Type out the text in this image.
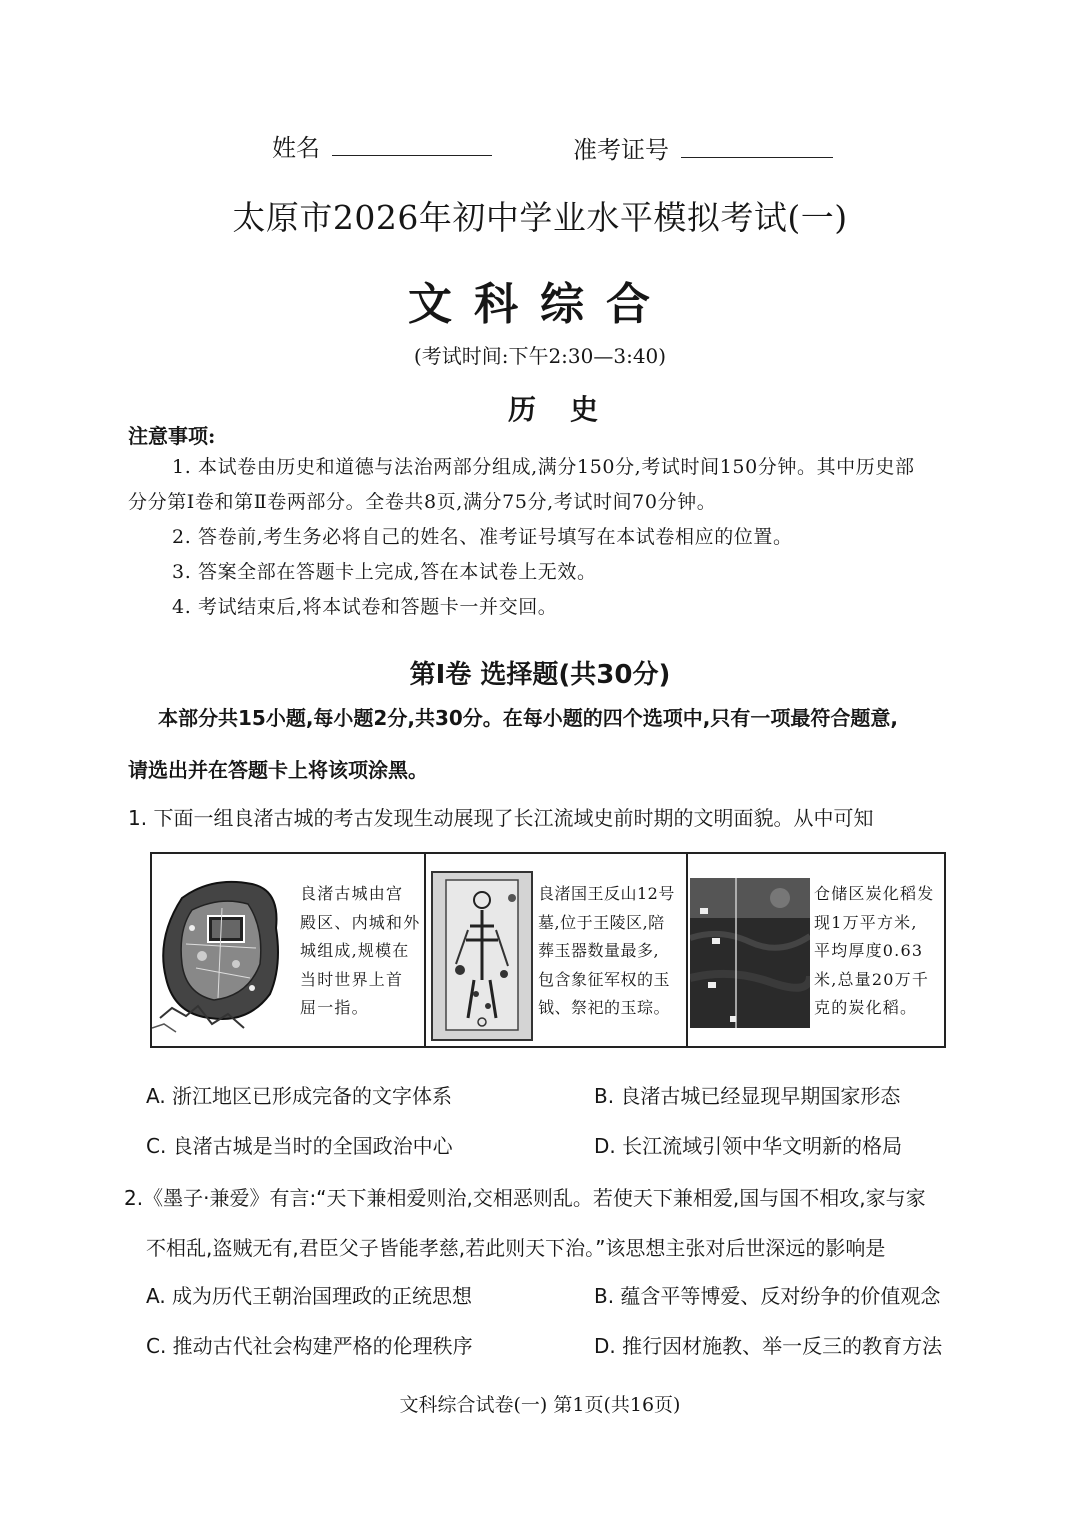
姓名	准考证号
太原市2026年初中学业水平模拟考试(一)
文科综合
(考试时间:下午2:30—3:40)
历史
注意事项:
1. 本试卷由历史和道德与法治两部分组成,满分150分,考试时间150分钟。其中历史部
分分第Ⅰ卷和第Ⅱ卷两部分。全卷共8页,满分75分,考试时间70分钟。
2. 答卷前,考生务必将自己的姓名、准考证号填写在本试卷相应的位置。
3. 答案全部在答题卡上完成,答在本试卷上无效。
4. 考试结束后,将本试卷和答题卡一并交回。
第Ⅰ卷 选择题(共30分)
本部分共15小题,每小题2分,共30分。在每小题的四个选项中,只有一项最符合题意,
请选出并在答题卡上将该项涂黑。
1. 下面一组良渚古城的考古发现生动展现了长江流域史前时期的文明面貌。从中可知
良渚古城由宫
殿区、内城和外
城组成,规模在
当时世界上首
屈一指。
良渚国王反山12号
墓,位于王陵区,陪
葬玉器数量最多,
包含象征军权的玉
钺、祭祀的玉琮。
仓储区炭化稻发
现1万平方米,
平均厚度0.63
米,总量20万千
克的炭化稻。
A. 浙江地区已形成完备的文字体系	B. 良渚古城已经显现早期国家形态
C. 良渚古城是当时的全国政治中心	D. 长江流域引领中华文明新的格局
2.《墨子·兼爱》有言:“天下兼相爱则治,交相恶则乱。若使天下兼相爱,国与国不相攻,家与家
不相乱,盗贼无有,君臣父子皆能孝慈,若此则天下治。”该思想主张对后世深远的影响是
A. 成为历代王朝治国理政的正统思想	B. 蕴含平等博爱、反对纷争的价值观念
C. 推动古代社会构建严格的伦理秩序	D. 推行因材施教、举一反三的教育方法
文科综合试卷(一) 第1页(共16页)
